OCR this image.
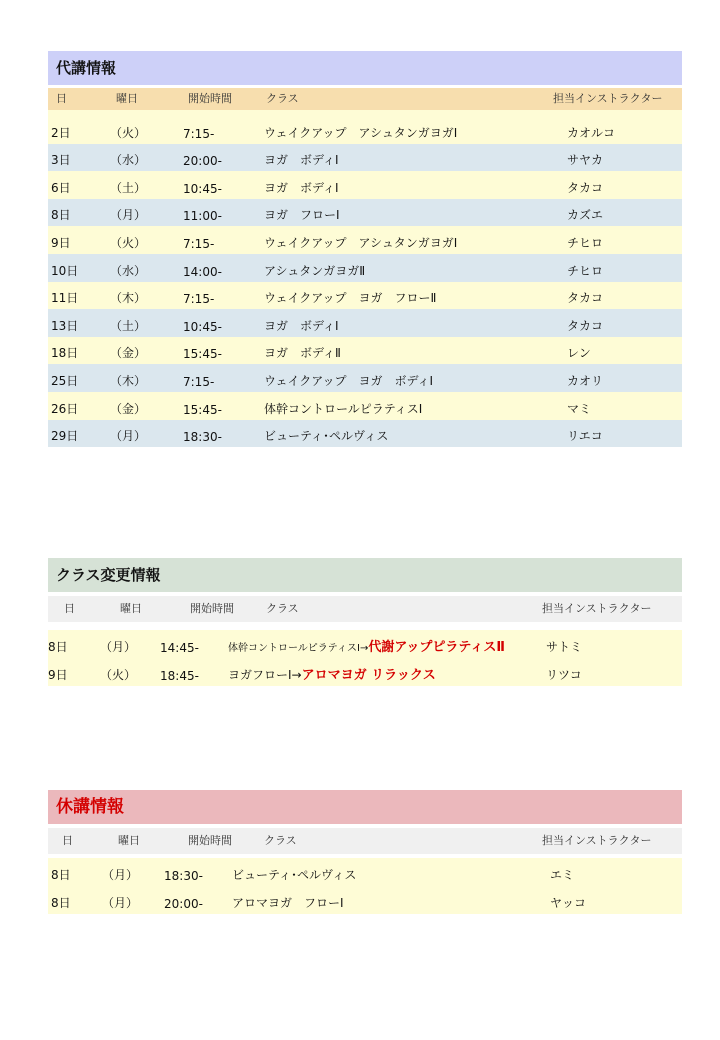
代講情報
日	曜日	開始時間	クラス	担当インストラクター
2日	（火）	7:15-	ウェイクアップ　アシュタンガヨガⅠ	カオルコ
3日	（水）	20:00-	ヨガ　ボディⅠ	サヤカ
6日	（土）	10:45-	ヨガ　ボディⅠ	タカコ
8日	（月）	11:00-	ヨガ　フローⅠ	カズエ
9日	（火）	7:15-	ウェイクアップ　アシュタンガヨガⅠ	チヒロ
10日	（水）	14:00-	アシュタンガヨガⅡ	チヒロ
11日	（木）	7:15-	ウェイクアップ　ヨガ　フローⅡ	タカコ
13日	（土）	10:45-	ヨガ　ボディⅠ	タカコ
18日	（金）	15:45-	ヨガ　ボディⅡ	レン
25日	（木）	7:15-	ウェイクアップ　ヨガ　ボディⅠ	カオリ
26日	（金）	15:45-	体幹コントロールピラティスⅠ	マミ
29日	（月）	18:30-	ビューティ･ペルヴィス	リエコ
クラス変更情報
日	曜日	開始時間	クラス	担当インストラクター
8日	（月） 14:45-	体幹コントロールピラティスⅠ→代謝アップピラティスⅡ	サトミ
9日	（火） 18:45- ヨガフローⅠ→アロマヨガ リラックス	リツコ
休講情報
日	曜日	開始時間	クラス	担当インストラクター
8日	（月） 18:30- ビューティ･ペルヴィス	エミ
8日	（月） 20:00- アロマヨガ　フローⅠ	ヤッコ
